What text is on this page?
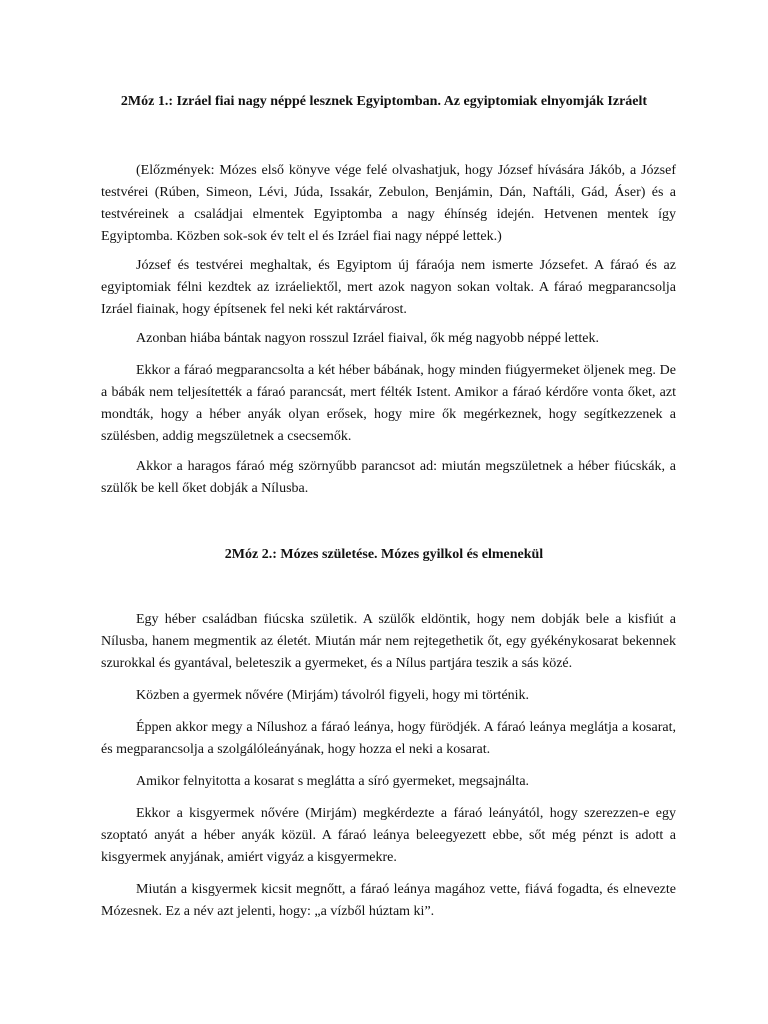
2Móz 1.: Izráel fiai nagy néppé lesznek Egyiptomban. Az egyiptomiak elnyomják Izráelt

(Előzmények: Mózes első könyve vége felé olvashatjuk, hogy József hívására Jákób, a József testvérei (Rúben, Simeon, Lévi, Júda, Issakár, Zebulon, Benjámin, Dán, Naftáli, Gád, Áser) és a testvéreinek a családjai elmentek Egyiptomba a nagy éhínség idején. Hetvenen mentek így Egyiptomba. Közben sok-sok év telt el és Izráel fiai nagy néppé lettek.)

József és testvérei meghaltak, és Egyiptom új fáraója nem ismerte Józsefet. A fáraó és az egyiptomiak félni kezdtek az izráeliektől, mert azok nagyon sokan voltak. A fáraó megparancsolja Izráel fiainak, hogy építsenek fel neki két raktárvárost.

Azonban hiába bántak nagyon rosszul Izráel fiaival, ők még nagyobb néppé lettek.

Ekkor a fáraó megparancsolta a két héber bábának, hogy minden fiúgyermeket öljenek meg. De a bábák nem teljesítették a fáraó parancsát, mert félték Istent. Amikor a fáraó kérdőre vonta őket, azt mondták, hogy a héber anyák olyan erősek, hogy mire ők megérkeznek, hogy segítkezzenek a szülésben, addig megszületnek a csecsemők.

Akkor a haragos fáraó még szörnyűbb parancsot ad: miután megszületnek a héber fiúcskák, a szülők be kell őket dobják a Nílusba.

2Móz 2.: Mózes születése. Mózes gyilkol és elmenekül

Egy héber családban fiúcska születik. A szülők eldöntik, hogy nem dobják bele a kisfiút a Nílusba, hanem megmentik az életét. Miután már nem rejtegethetik őt, egy gyékénykosarat bekennek szurokkal és gyantával, beleteszik a gyermeket, és a Nílus partjára teszik a sás közé.

Közben a gyermek nővére (Mirjám) távolról figyeli, hogy mi történik.

Éppen akkor megy a Nílushoz a fáraó leánya, hogy fürödjék. A fáraó leánya meglátja a kosarat, és megparancsolja a szolgálóleányának, hogy hozza el neki a kosarat.

Amikor felnyitotta a kosarat s meglátta a síró gyermeket, megsajnálta.

Ekkor a kisgyermek nővére (Mirjám) megkérdezte a fáraó leányától, hogy szerezzen-e egy szoptató anyát a héber anyák közül. A fáraó leánya beleegyezett ebbe, sőt még pénzt is adott a kisgyermek anyjának, amiért vigyáz a kisgyermekre.

Miután a kisgyermek kicsit megnőtt, a fáraó leánya magához vette, fiává fogadta, és elnevezte Mózesnek. Ez a név azt jelenti, hogy: „a vízből húztam ki”.
